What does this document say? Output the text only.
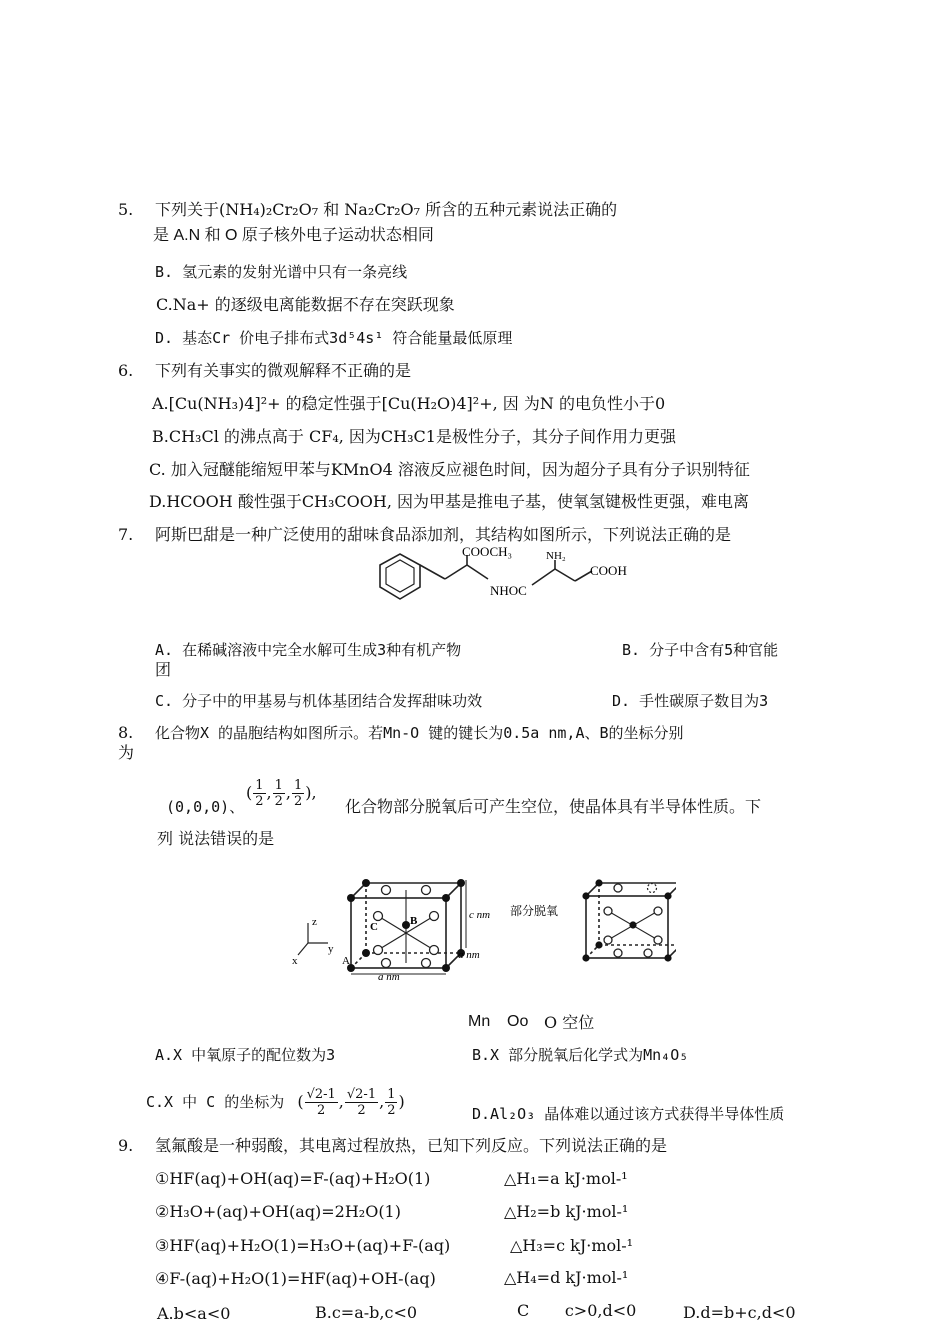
5. 下列关于(NH₄)₂Cr₂O₇ 和 Na₂Cr₂O₇ 所含的五种元素说法正确的
是 A.N 和 O 原子核外电子运动状态相同
B. 氢元素的发射光谱中只有一条亮线
C.Na+ 的逐级电离能数据不存在突跃现象
D. 基态Cr 价电子排布式3d⁵4s¹ 符合能量最低原理
6. 下列有关事实的微观解释不正确的是
A.[Cu(NH₃)4]²+ 的稳定性强于[Cu(H₂O)4]²+, 因 为N 的电负性小于0
B.CH₃Cl 的沸点高于 CF₄, 因为CH₃C1是极性分子，其分子间作用力更强
C. 加入冠醚能缩短甲苯与KMnO4 溶液反应褪色时间，因为超分子具有分子识别特征
D.HCOOH 酸性强于CH₃COOH, 因为甲基是推电子基，使氧氢键极性更强，难电离
7. 阿斯巴甜是一种广泛使用的甜味食品添加剂，其结构如图所示，下列说法正确的是
COOCH₃	NH₂
COOH
NHOC
A. 在稀碱溶液中完全水解可生成3种有机产物	B. 分子中含有5种官能
团
C. 分子中的甲基易与机体基团结合发挥甜味功效	D. 手性碳原子数目为3
8. 化合物X 的晶胞结构如图所示。若Mn-O 键的键长为0.5a nm,A、B的坐标分别
为
( $\frac{1}{2}$ , $\frac{1}{2}$ , $\frac{1}{2}$ ),
(0,0,0)、	化合物部分脱氧后可产生空位，使晶体具有半导体性质。下
列 说法错误的是
z
y
x
B
C
A
c nm
a nm
a nm
部分脱氧
Mn Oo O 空位
A.X 中氧原子的配位数为3	B.X 部分脱氧后化学式为Mn₄O₅
C.X 中 C 的坐标为 ( $\frac{√2-1}{2}$ , $\frac{√2-1}{2}$ , $\frac{1}{2}$ )
D.Al₂O₃ 晶体难以通过该方式获得半导体性质
9. 氢氟酸是一种弱酸，其电离过程放热，已知下列反应。下列说法正确的是
①HF(aq)+OH(aq)=F-(aq)+H₂O(1)	△H₁=a kJ·mol-¹
②H₃O+(aq)+OH(aq)=2H₂O(1)	△H₂=b kJ·mol-¹
③HF(aq)+H₂O(1)=H₃O+(aq)+F-(aq)	△H₃=c kJ·mol-¹
④F-(aq)+H₂O(1)=HF(aq)+OH-(aq)	△H₄=d kJ·mol-¹
A.b<a<0	B.c=a-b,c<0	C       c>0,d<0	D.d=b+c,d<0
